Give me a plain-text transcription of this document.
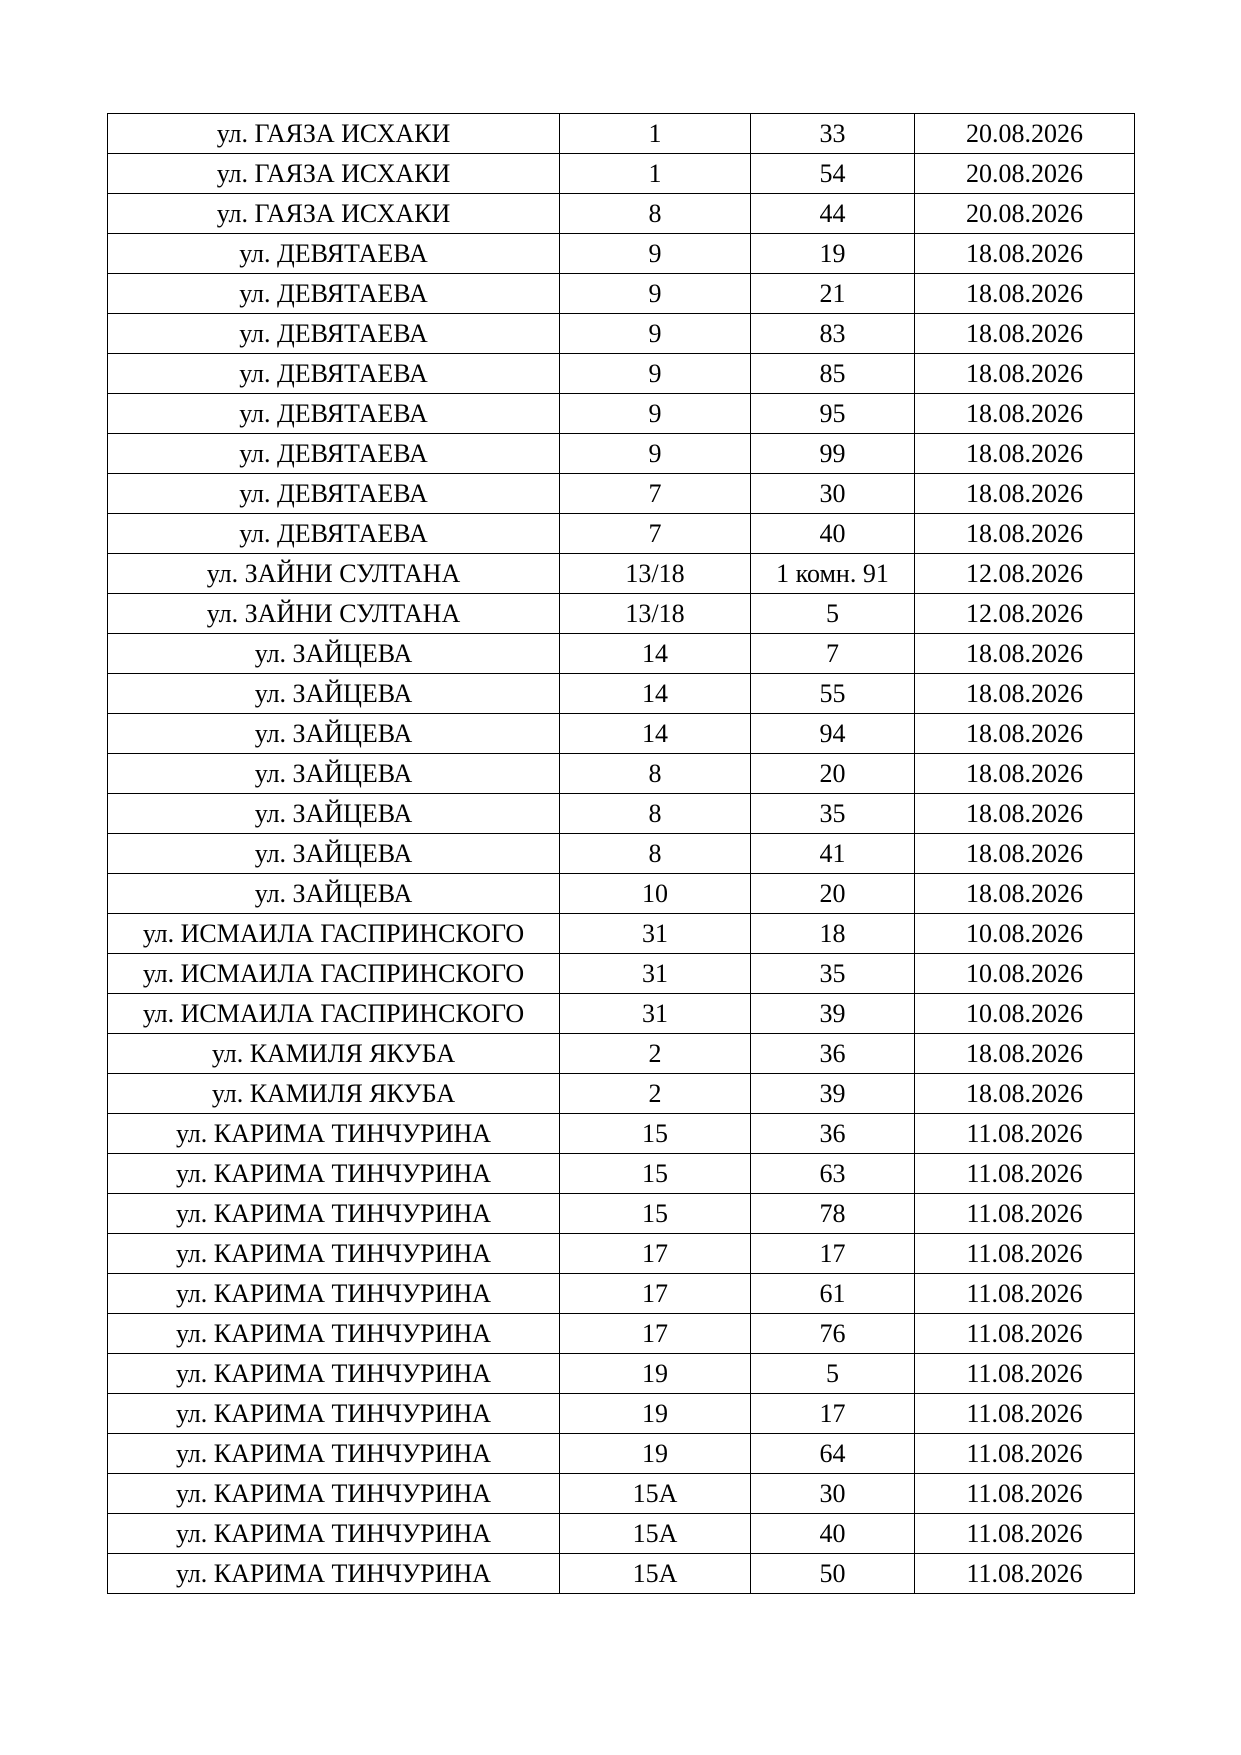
ул. ГАЯЗА ИСХАКИ	1	33	20.08.2026
ул. ГАЯЗА ИСХАКИ	1	54	20.08.2026
ул. ГАЯЗА ИСХАКИ	8	44	20.08.2026
ул. ДЕВЯТАЕВА	9	19	18.08.2026
ул. ДЕВЯТАЕВА	9	21	18.08.2026
ул. ДЕВЯТАЕВА	9	83	18.08.2026
ул. ДЕВЯТАЕВА	9	85	18.08.2026
ул. ДЕВЯТАЕВА	9	95	18.08.2026
ул. ДЕВЯТАЕВА	9	99	18.08.2026
ул. ДЕВЯТАЕВА	7	30	18.08.2026
ул. ДЕВЯТАЕВА	7	40	18.08.2026
ул. ЗАЙНИ СУЛТАНА	13/18	1 комн. 91	12.08.2026
ул. ЗАЙНИ СУЛТАНА	13/18	5	12.08.2026
ул. ЗАЙЦЕВА	14	7	18.08.2026
ул. ЗАЙЦЕВА	14	55	18.08.2026
ул. ЗАЙЦЕВА	14	94	18.08.2026
ул. ЗАЙЦЕВА	8	20	18.08.2026
ул. ЗАЙЦЕВА	8	35	18.08.2026
ул. ЗАЙЦЕВА	8	41	18.08.2026
ул. ЗАЙЦЕВА	10	20	18.08.2026
ул. ИСМАИЛА ГАСПРИНСКОГО	31	18	10.08.2026
ул. ИСМАИЛА ГАСПРИНСКОГО	31	35	10.08.2026
ул. ИСМАИЛА ГАСПРИНСКОГО	31	39	10.08.2026
ул. КАМИЛЯ ЯКУБА	2	36	18.08.2026
ул. КАМИЛЯ ЯКУБА	2	39	18.08.2026
ул. КАРИМА ТИНЧУРИНА	15	36	11.08.2026
ул. КАРИМА ТИНЧУРИНА	15	63	11.08.2026
ул. КАРИМА ТИНЧУРИНА	15	78	11.08.2026
ул. КАРИМА ТИНЧУРИНА	17	17	11.08.2026
ул. КАРИМА ТИНЧУРИНА	17	61	11.08.2026
ул. КАРИМА ТИНЧУРИНА	17	76	11.08.2026
ул. КАРИМА ТИНЧУРИНА	19	5	11.08.2026
ул. КАРИМА ТИНЧУРИНА	19	17	11.08.2026
ул. КАРИМА ТИНЧУРИНА	19	64	11.08.2026
ул. КАРИМА ТИНЧУРИНА	15А	30	11.08.2026
ул. КАРИМА ТИНЧУРИНА	15А	40	11.08.2026
ул. КАРИМА ТИНЧУРИНА	15А	50	11.08.2026
